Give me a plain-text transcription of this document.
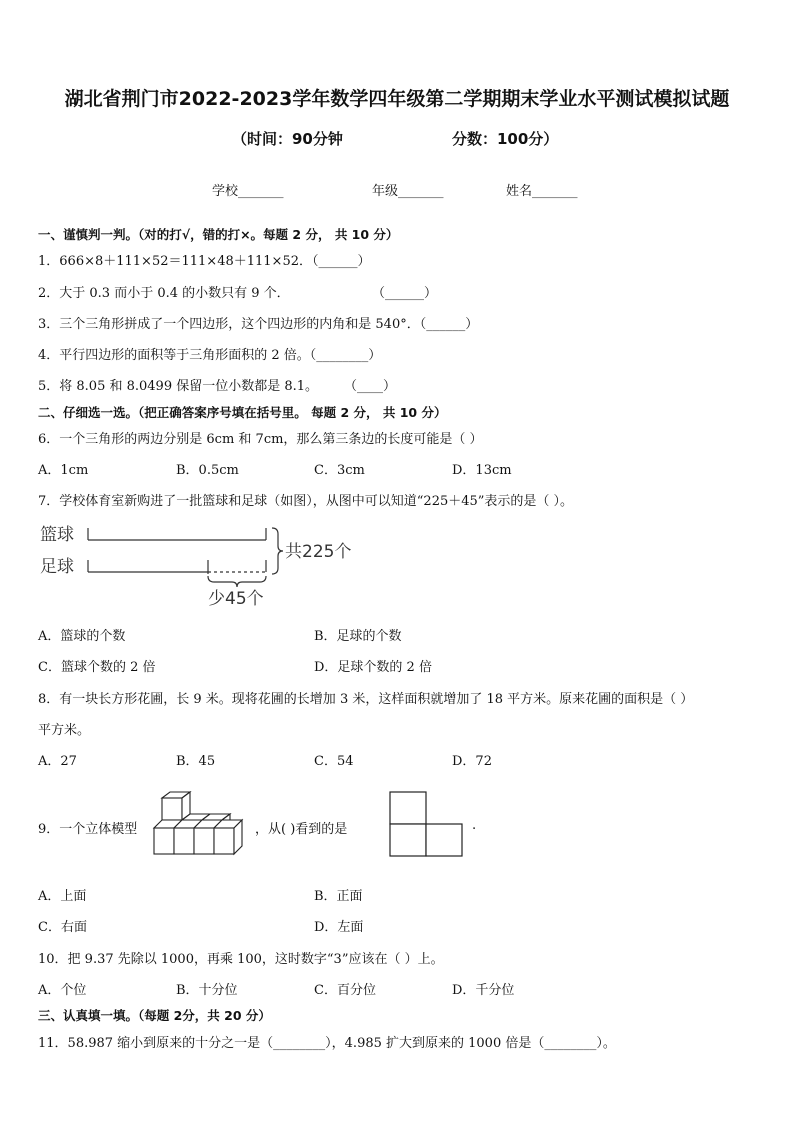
湖北省荆门市2022-2023学年数学四年级第二学期期末学业水平测试模拟试题
（时间：90分钟	分数：100分）
学校_______	年级_______	姓名_______
一、谨慎判一判。（对的打√，错的打×。每题 2 分， 共 10 分）
1．666×8＋111×52＝111×48＋111×52．（______）
2．大于 0.3 而小于 0.4 的小数只有 9 个．	（______）
3．三个三角形拼成了一个四边形，这个四边形的内角和是 540°．（______）
4．平行四边形的面积等于三角形面积的 2 倍。（________）
5．将 8.05 和 8.0499 保留一位小数都是 8.1。 （____）
二、仔细选一选。（把正确答案序号填在括号里。 每题 2 分， 共 10 分）
6．一个三角形的两边分别是 6cm 和 7cm，那么第三条边的长度可能是（ ）
A．1cm	B．0.5cm	C．3cm	D．13cm
7．学校体育室新购进了一批篮球和足球（如图），从图中可以知道“225＋45”表示的是（ ）。
篮球
足球
少45个
共225个
A．篮球的个数	B．足球的个数
C．篮球个数的 2 倍	D．足球个数的 2 倍
8．有一块长方形花圃，长 9 米。现将花圃的长增加 3 米，这样面积就增加了 18 平方米。原来花圃的面积是（ ）
平方米。
A．27	B．45	C．54	D．72
9．一个立体模型	，从( )看到的是	.
A．上面	B．正面
C．右面	D．左面
10．把 9.37 先除以 1000，再乘 100，这时数字“3”应该在（ ）上。
A．个位	B．十分位	C．百分位	D．千分位
三、认真填一填。（每题 2分，共 20 分）
11．58.987 缩小到原来的十分之一是（________），4.985 扩大到原来的 1000 倍是（________）。
